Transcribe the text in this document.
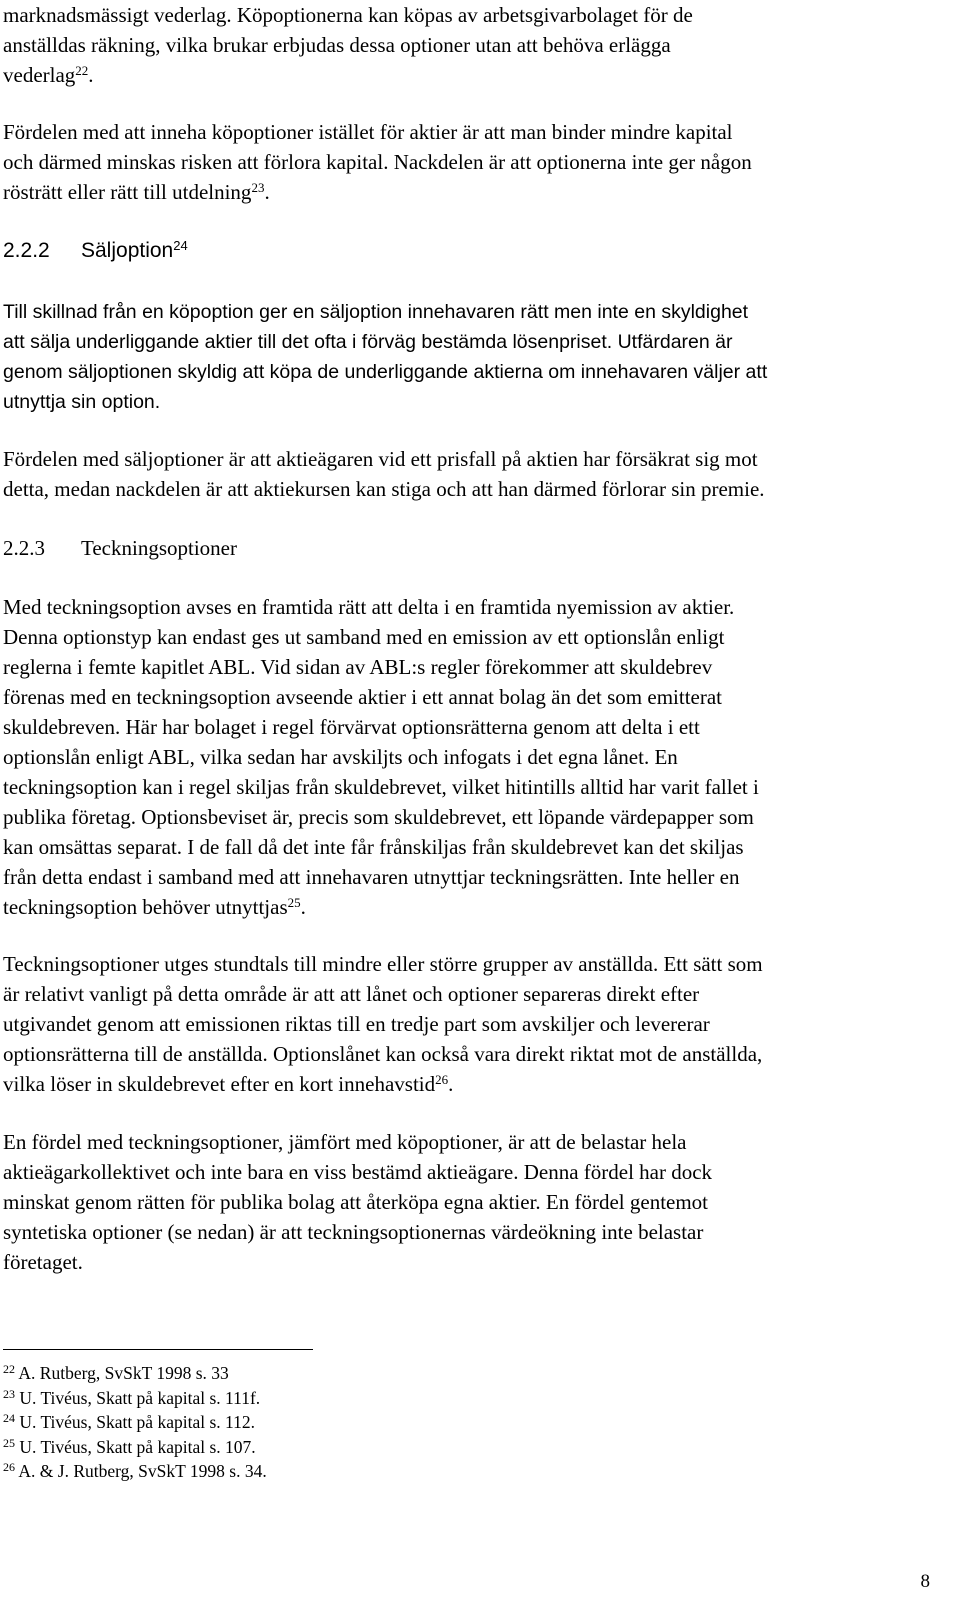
marknadsmässigt vederlag. Köpoptionerna kan köpas av arbetsgivarbolaget för de
anställdas räkning, vilka brukar erbjudas dessa optioner utan att behöva erlägga
vederlag$^{22}$.

Fördelen med att inneha köpoptioner istället för aktier är att man binder mindre kapital
och därmed minskas risken att förlora kapital. Nackdelen är att optionerna inte ger någon
rösträtt eller rätt till utdelning$^{23}$.

2.2.2 Säljoption$^{24}$

Till skillnad från en köpoption ger en säljoption innehavaren rätt men inte en skyldighet
att sälja underliggande aktier till det ofta i förväg bestämda lösenpriset. Utfärdaren är
genom säljoptionen skyldig att köpa de underliggande aktierna om innehavaren väljer att
utnyttja sin option.

Fördelen med säljoptioner är att aktieägaren vid ett prisfall på aktien har försäkrat sig mot
detta, medan nackdelen är att aktiekursen kan stiga och att han därmed förlorar sin premie.

2.2.3 Teckningsoptioner

Med teckningsoption avses en framtida rätt att delta i en framtida nyemission av aktier.
Denna optionstyp kan endast ges ut samband med en emission av ett optionslån enligt
reglerna i femte kapitlet ABL. Vid sidan av ABL:s regler förekommer att skuldebrev
förenas med en teckningsoption avseende aktier i ett annat bolag än det som emitterat
skuldebreven. Här har bolaget i regel förvärvat optionsrätterna genom att delta i ett
optionslån enligt ABL, vilka sedan har avskiljts och infogats i det egna lånet. En
teckningsoption kan i regel skiljas från skuldebrevet, vilket hitintills alltid har varit fallet i
publika företag. Optionsbeviset är, precis som skuldebrevet, ett löpande värdepapper som
kan omsättas separat. I de fall då det inte får frånskiljas från skuldebrevet kan det skiljas
från detta endast i samband med att innehavaren utnyttjar teckningsrätten. Inte heller en
teckningsoption behöver utnyttjas$^{25}$.

Teckningsoptioner utges stundtals till mindre eller större grupper av anställda. Ett sätt som
är relativt vanligt på detta område är att att lånet och optioner separeras direkt efter
utgivandet genom att emissionen riktas till en tredje part som avskiljer och levererar
optionsrätterna till de anställda. Optionslånet kan också vara direkt riktat mot de anställda,
vilka löser in skuldebrevet efter en kort innehavstid$^{26}$.

En fördel med teckningsoptioner, jämfört med köpoptioner, är att de belastar hela
aktieägarkollektivet och inte bara en viss bestämd aktieägare. Denna fördel har dock
minskat genom rätten för publika bolag att återköpa egna aktier. En fördel gentemot
syntetiska optioner (se nedan) är att teckningsoptionernas värdeökning inte belastar
företaget.

$^{22}$ A. Rutberg, SvSkT 1998 s. 33
$^{23}$ U. Tivéus, Skatt på kapital s. 111f.
$^{24}$ U. Tivéus, Skatt på kapital s. 112.
$^{25}$ U. Tivéus, Skatt på kapital s. 107.
$^{26}$ A. & J. Rutberg, SvSkT 1998 s. 34.
8
